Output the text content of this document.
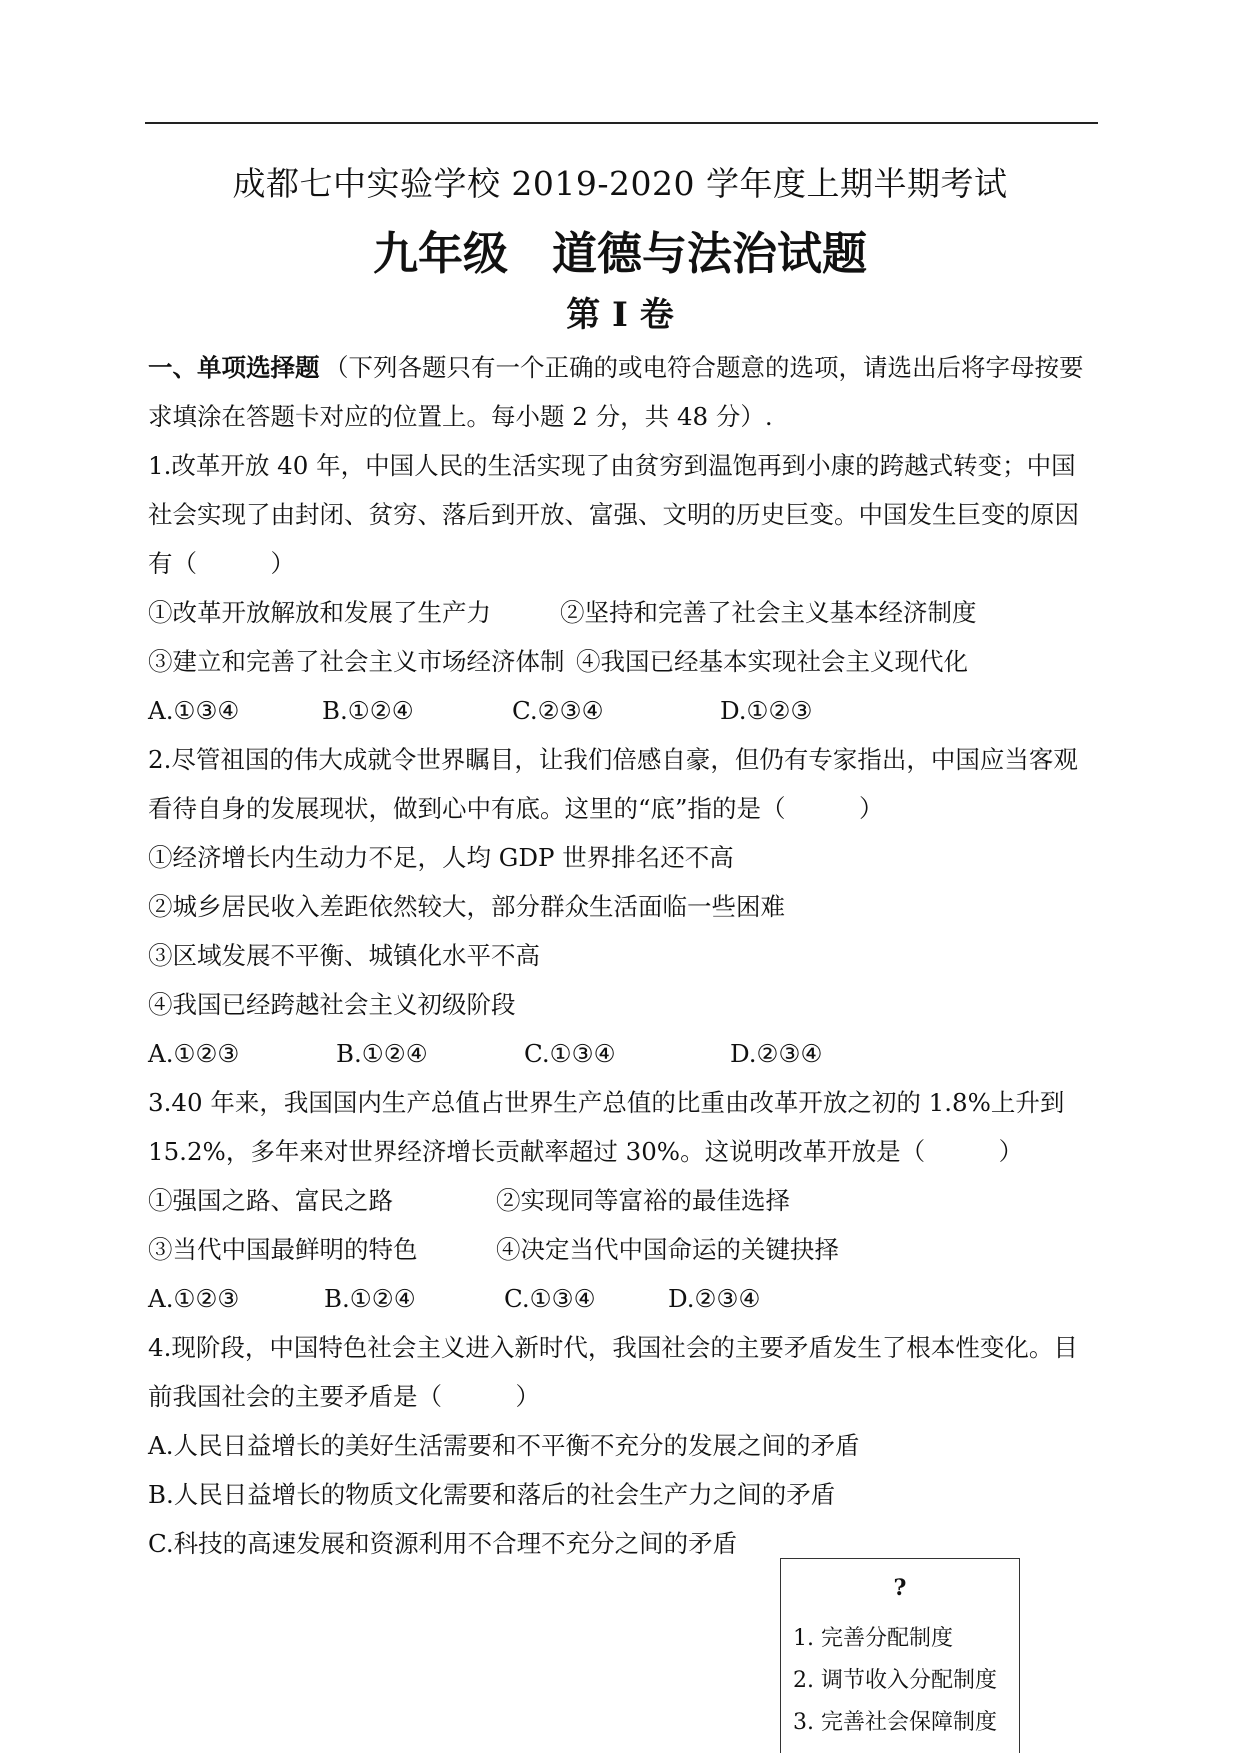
成都七中实验学校 2019-2020 学年度上期半期考试
九年级 道德与法治试题
第 I 卷
一、单项选择题 （下列各题只有一个正确的或电符合题意的选项，请选出后将字母按要
求填涂在答题卡对应的位置上。每小题 2 分，共 48 分）.
1.改革开放 40 年，中国人民的生活实现了由贫穷到温饱再到小康的跨越式转变；中国
社会实现了由封闭、贫穷、落后到开放、富强、文明的历史巨变。中国发生巨变的原因
有（　　　）
①改革开放解放和发展了生产力	②坚持和完善了社会主义基本经济制度
③建立和完善了社会主义市场经济体制 ④我国已经基本实现社会主义现代化
A.①③④	B.①②④	C.②③④	D.①②③
2.尽管祖国的伟大成就令世界瞩目，让我们倍感自豪，但仍有专家指出，中国应当客观
看待自身的发展现状，做到心中有底。这里的“底”指的是（　　　）
①经济增长内生动力不足，人均 GDP 世界排名还不高
②城乡居民收入差距依然较大，部分群众生活面临一些困难
③区域发展不平衡、城镇化水平不高
④我国已经跨越社会主义初级阶段
A.①②③	B.①②④	C.①③④	D.②③④
3.40 年来，我国国内生产总值占世界生产总值的比重由改革开放之初的 1.8%上升到
15.2%，多年来对世界经济增长贡献率超过 30%。这说明改革开放是（　　　）
①强国之路、富民之路	②实现同等富裕的最佳选择
③当代中国最鲜明的特色	④决定当代中国命运的关键抉择
A.①②③	B.①②④	C.①③④	D.②③④
4.现阶段，中国特色社会主义进入新时代，我国社会的主要矛盾发生了根本性变化。目
前我国社会的主要矛盾是（　　　）
A.人民日益增长的美好生活需要和不平衡不充分的发展之间的矛盾
B.人民日益增长的物质文化需要和落后的社会生产力之间的矛盾
C.科技的高速发展和资源利用不合理不充分之间的矛盾
?
1. 完善分配制度
2. 调节收入分配制度
3. 完善社会保障制度
